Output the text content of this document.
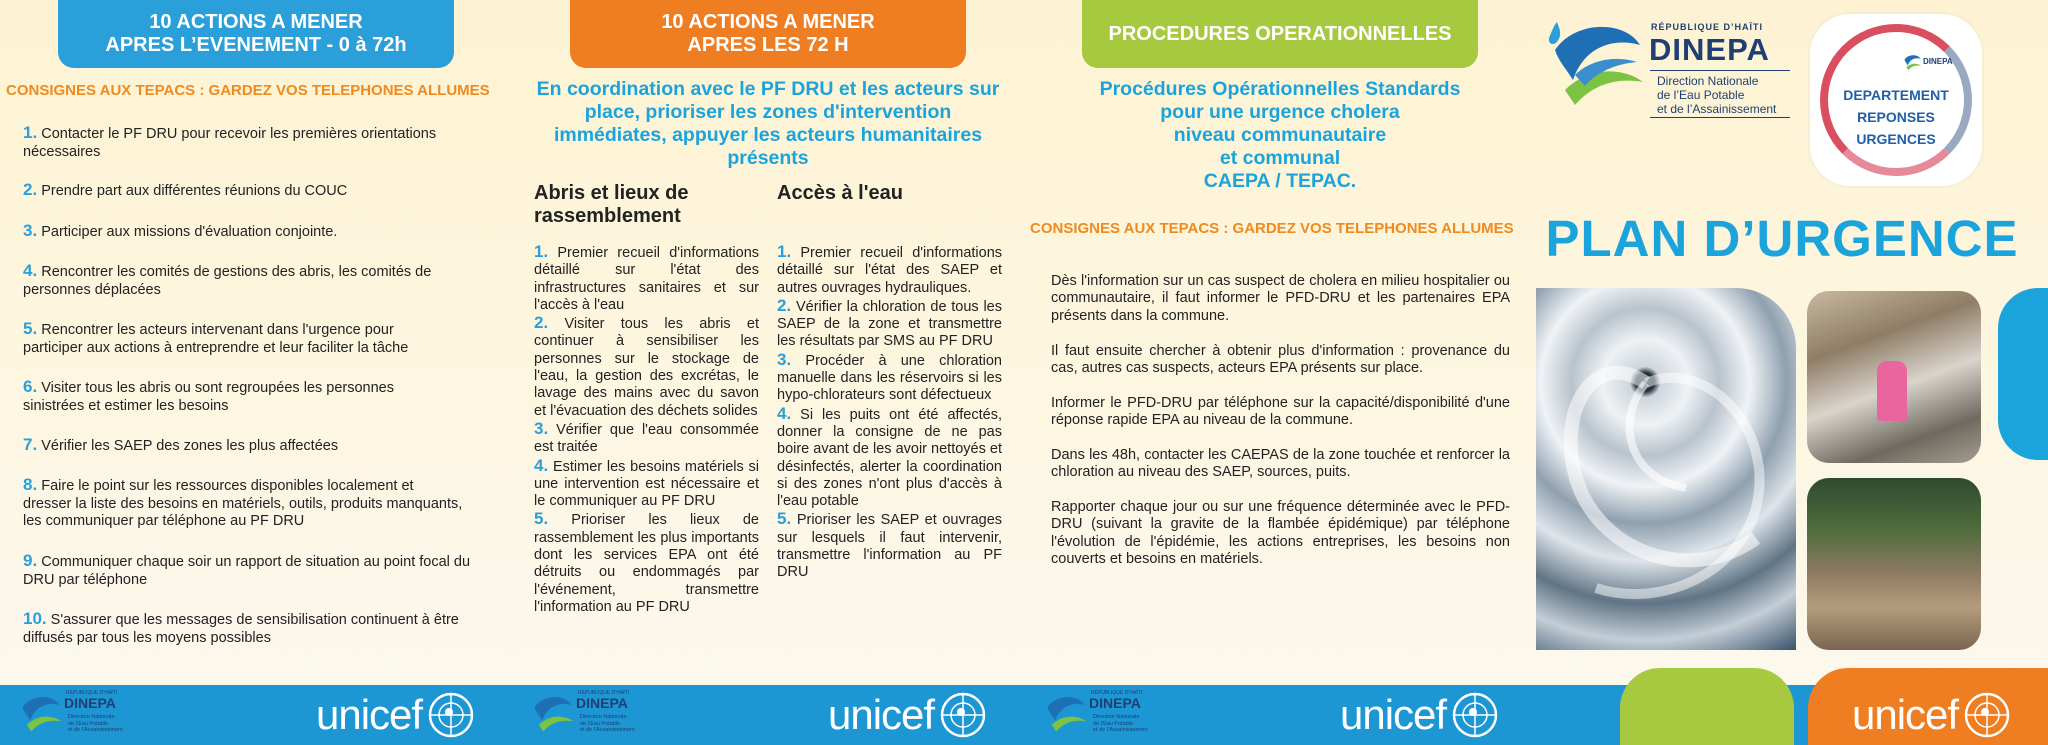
10 ACTIONS A MENER
APRES L’EVENEMENT - 0 à 72h
CONSIGNES AUX TEPACS : GARDEZ VOS TELEPHONES ALLUMES
1. Contacter le PF DRU pour recevoir les premières orientations nécessaires
2. Prendre part aux différentes réunions du COUC
3. Participer aux missions d'évaluation conjointe.
4. Rencontrer les comités de gestions des abris, les comités de personnes déplacées
5. Rencontrer les acteurs intervenant dans l'urgence pour participer aux actions à entreprendre et leur faciliter la tâche
6. Visiter tous les abris ou sont regroupées les personnes sinistrées et estimer les besoins
7. Vérifier les SAEP des zones les plus affectées
8. Faire le point sur les ressources disponibles localement et dresser la liste des besoins en matériels, outils, produits manquants, les communiquer par téléphone au PF DRU
9. Communiquer chaque soir un rapport de situation au point focal du DRU par téléphone
10. S'assurer que les messages de sensibilisation continuent à être diffusés par tous les moyens possibles
10 ACTIONS A MENER
APRES LES 72 H
En coordination avec le PF DRU et les acteurs sur place, prioriser les zones d'intervention immédiates, appuyer les acteurs humanitaires présents
Abris et lieux de rassemblement
Accès à l'eau
1. Premier recueil d'informations détaillé sur l'état des infrastructures sanitaires et sur l'accès à l'eau
2. Visiter tous les abris et continuer à sensibiliser les personnes sur le stockage de l'eau, la gestion des excrétas, le lavage des mains avec du savon et l'évacuation des déchets solides
3. Vérifier que l'eau consommée est traitée
4. Estimer les besoins matériels si une intervention est nécessaire et le communiquer au PF DRU
5. Prioriser les lieux de rassemblement les plus importants dont les services EPA ont été détruits ou endommagés par l'événement, transmettre l'information au PF DRU
1. Premier recueil d'informations détaillé sur l'état des SAEP et autres ouvrages hydrauliques.
2. Vérifier la chloration de tous les SAEP de la zone et transmettre les résultats par SMS au PF DRU
3. Procéder à une chloration manuelle dans les réservoirs si les hypo-chlorateurs sont défectueux
4. Si les puits ont été affectés, donner la consigne de ne pas boire avant de les avoir nettoyés et désinfectés, alerter la coordination si des zones n'ont plus d'accès à l'eau potable
5. Prioriser les SAEP et ouvrages sur lesquels il faut intervenir, transmettre l'information au PF DRU
PROCEDURES OPERATIONNELLES
Procédures Opérationnelles Standards
pour une urgence cholera
niveau communautaire
et communal
CAEPA / TEPAC.
CONSIGNES AUX TEPACS : GARDEZ VOS TELEPHONES ALLUMES
Dès l'information sur un cas suspect de cholera en milieu hospitalier ou communautaire, il faut informer le PFD-DRU et les partenaires EPA présents dans la commune.
Il faut ensuite chercher à obtenir plus d'information : provenance du cas, autres cas suspects, acteurs EPA présents sur place.
Informer le PFD-DRU par téléphone sur la capacité/disponibilité d'une réponse rapide EPA au niveau de la commune.
Dans les 48h, contacter les CAEPAS de la zone touchée et renforcer la chloration au niveau des SAEP, sources, puits.
Rapporter chaque jour ou sur une fréquence déterminée avec le PFD-DRU (suivant la gravite de la flambée épidémique) par téléphone l'évolution de l'épidémie, les actions entreprises, les besoins non couverts et besoins en matériels.
RÉPUBLIQUE D’HAÏTI
DINEPA
Direction Nationale
de l’Eau Potable
et de l’Assainissement
DINEPA
DEPARTEMENT
REPONSES
URGENCES
PLAN D’URGENCE
RÉPUBLIQUE D’HAÏTI
DINEPA
Direction Nationale
de l’Eau Potable
et de l’Assainissement
RÉPUBLIQUE D’HAÏTI
DINEPA
Direction Nationale
de l’Eau Potable
et de l’Assainissement
RÉPUBLIQUE D’HAÏTI
DINEPA
Direction Nationale
de l’Eau Potable
et de l’Assainissement
unicef	unicef	unicef	unicef
